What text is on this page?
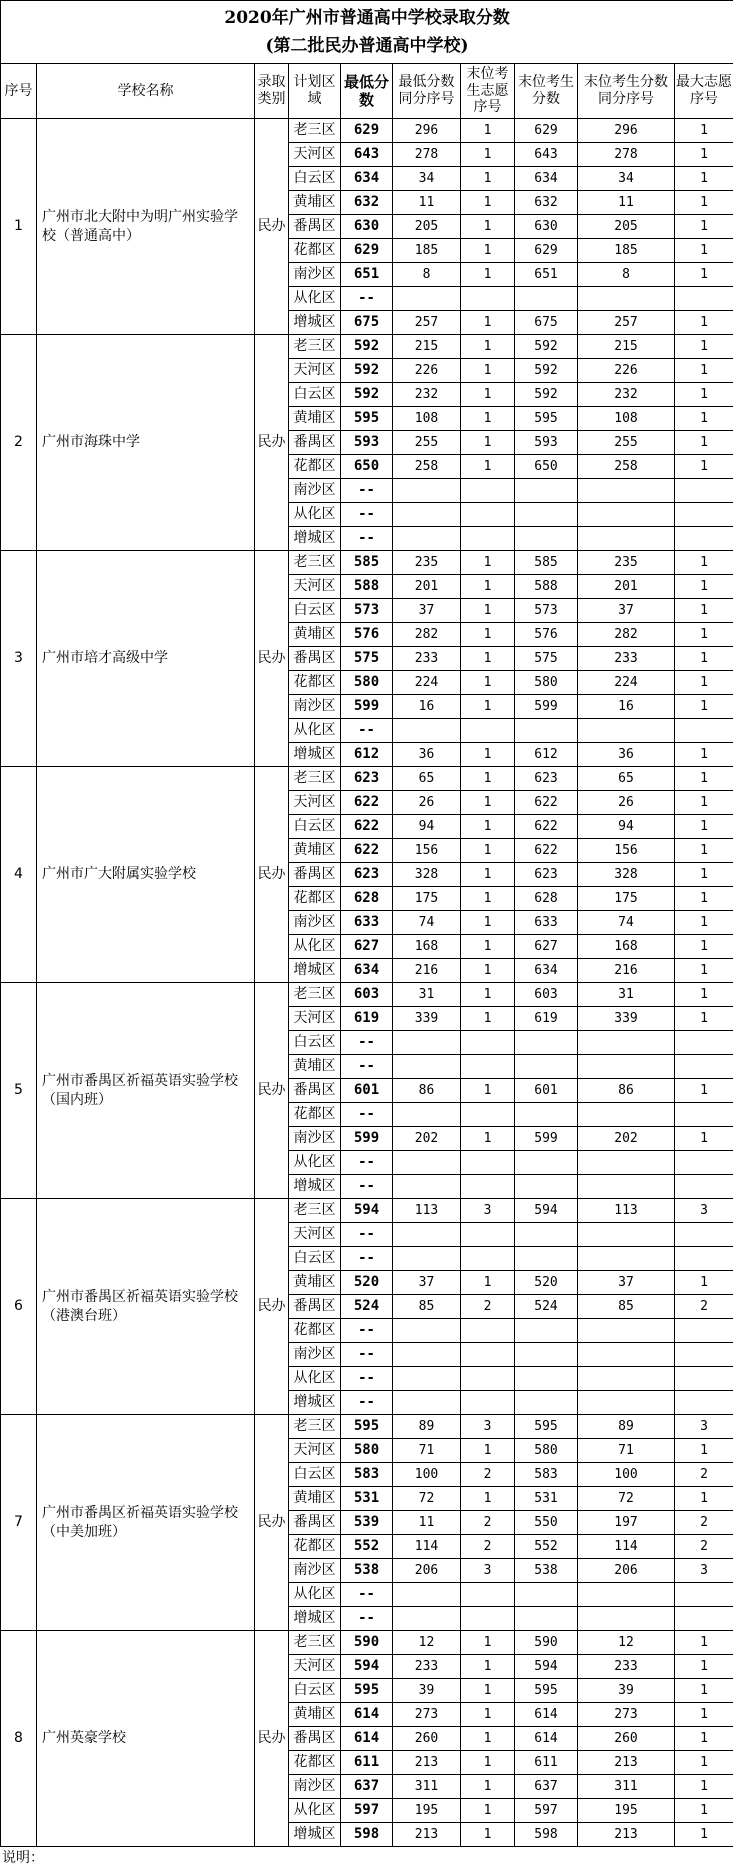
2020年广州市普通高中学校录取分数
(第二批民办普通高中学校)									

序号	学校名称	录取类别	计划区域	最低分数	最低分数同分序号	末位考生志愿序号	末位考生分数	末位考生分数同分序号	最大志愿序号
1	广州市北大附中为明广州实验学校（普通高中）	民办	老三区	629	296	1	629	296	1
			天河区	643	278	1	643	278	1
			白云区	634	34	1	634	34	1
			黄埔区	632	11	1	632	11	1
			番禺区	630	205	1	630	205	1
			花都区	629	185	1	629	185	1
			南沙区	651	8	1	651	8	1
			从化区	--					
			增城区	675	257	1	675	257	1
2	广州市海珠中学	民办	老三区	592	215	1	592	215	1
			天河区	592	226	1	592	226	1
			白云区	592	232	1	592	232	1
			黄埔区	595	108	1	595	108	1
			番禺区	593	255	1	593	255	1
			花都区	650	258	1	650	258	1
			南沙区	--					
			从化区	--					
			增城区	--					
3	广州市培才高级中学	民办	老三区	585	235	1	585	235	1
			天河区	588	201	1	588	201	1
			白云区	573	37	1	573	37	1
			黄埔区	576	282	1	576	282	1
			番禺区	575	233	1	575	233	1
			花都区	580	224	1	580	224	1
			南沙区	599	16	1	599	16	1
			从化区	--					
			增城区	612	36	1	612	36	1
4	广州市广大附属实验学校	民办	老三区	623	65	1	623	65	1
			天河区	622	26	1	622	26	1
			白云区	622	94	1	622	94	1
			黄埔区	622	156	1	622	156	1
			番禺区	623	328	1	623	328	1
			花都区	628	175	1	628	175	1
			南沙区	633	74	1	633	74	1
			从化区	627	168	1	627	168	1
			增城区	634	216	1	634	216	1
5	广州市番禺区祈福英语实验学校（国内班）	民办	老三区	603	31	1	603	31	1
			天河区	619	339	1	619	339	1
			白云区	--					
			黄埔区	--					
			番禺区	601	86	1	601	86	1
			花都区	--					
			南沙区	599	202	1	599	202	1
			从化区	--					
			增城区	--					
6	广州市番禺区祈福英语实验学校（港澳台班）	民办	老三区	594	113	3	594	113	3
			天河区	--					
			白云区	--					
			黄埔区	520	37	1	520	37	1
			番禺区	524	85	2	524	85	2
			花都区	--					
			南沙区	--					
			从化区	--					
			增城区	--					
7	广州市番禺区祈福英语实验学校（中美加班）	民办	老三区	595	89	3	595	89	3
			天河区	580	71	1	580	71	1
			白云区	583	100	2	583	100	2
			黄埔区	531	72	1	531	72	1
			番禺区	539	11	2	550	197	2
			花都区	552	114	2	552	114	2
			南沙区	538	206	3	538	206	3
			从化区	--					
			增城区	--					
8	广州英豪学校	民办	老三区	590	12	1	590	12	1
			天河区	594	233	1	594	233	1
			白云区	595	39	1	595	39	1
			黄埔区	614	273	1	614	273	1
			番禺区	614	260	1	614	260	1
			花都区	611	213	1	611	213	1
			南沙区	637	311	1	637	311	1
			从化区	597	195	1	597	195	1
			增城区	598	213	1	598	213	1
说明：
